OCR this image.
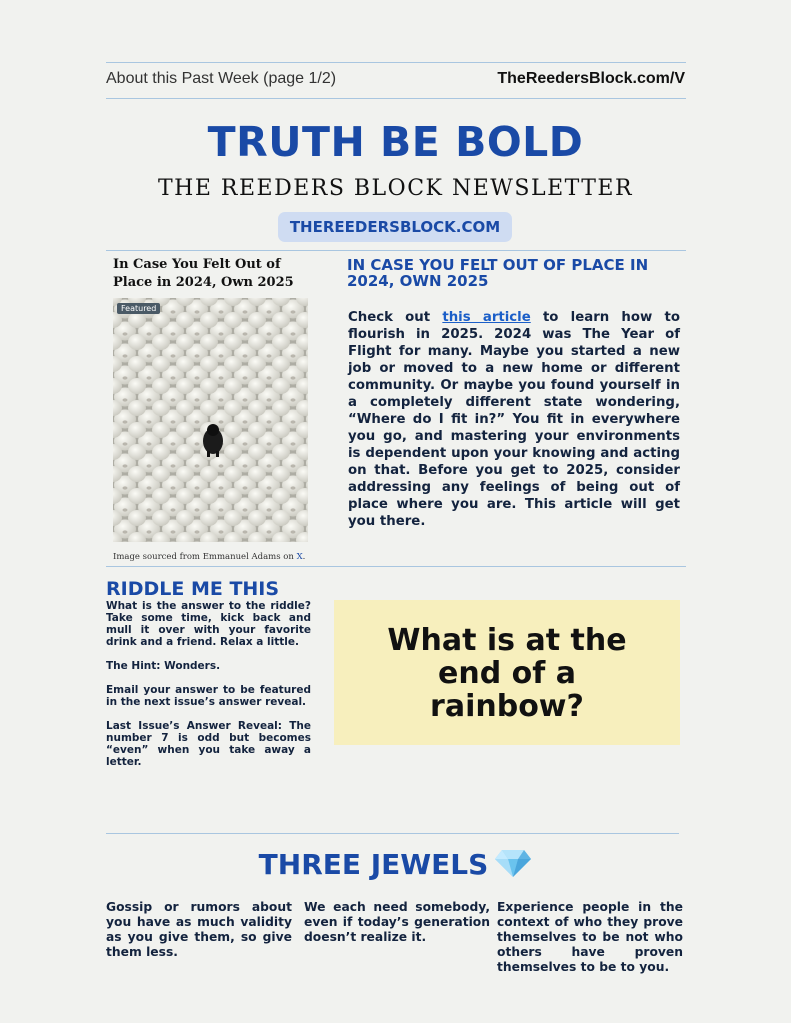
About this Past Week (page 1/2)	TheReedersBlock.com/V
TRUTH BE BOLD
THE REEDERS BLOCK NEWSLETTER
THEREEDERSBLOCK.COM
In Case You Felt Out of Place in 2024, Own 2025
Featured
Image sourced from Emmanuel Adams on X.
IN CASE YOU FELT OUT OF PLACE IN 2024, OWN 2025
Check out this article to learn how to flourish in 2025. 2024 was The Year of Flight for many. Maybe you started a new job or moved to a new home or different community. Or maybe you found yourself in a completely different state wondering, “Where do I fit in?” You fit in everywhere you go, and mastering your environments is dependent upon your knowing and acting on that. Before you get to 2025, consider addressing any feelings of being out of place where you are. This article will get you there.
RIDDLE ME THIS

What is the answer to the riddle? Take some time, kick back and mull it over with your favorite drink and a friend. Relax a little.

The Hint: Wonders.

Email your answer to be featured in the next issue’s answer reveal.

Last Issue’s Answer Reveal: The number 7 is odd but becomes “even” when you take away a letter.

What is at the
end of a
rainbow?
THREE JEWELS
Gossip or rumors about you have as much validity as you give them, so give them less.
We each need somebody, even if today’s generation doesn’t realize it.
Experience people in the context of who they prove themselves to be not who others have proven themselves to be to you.
